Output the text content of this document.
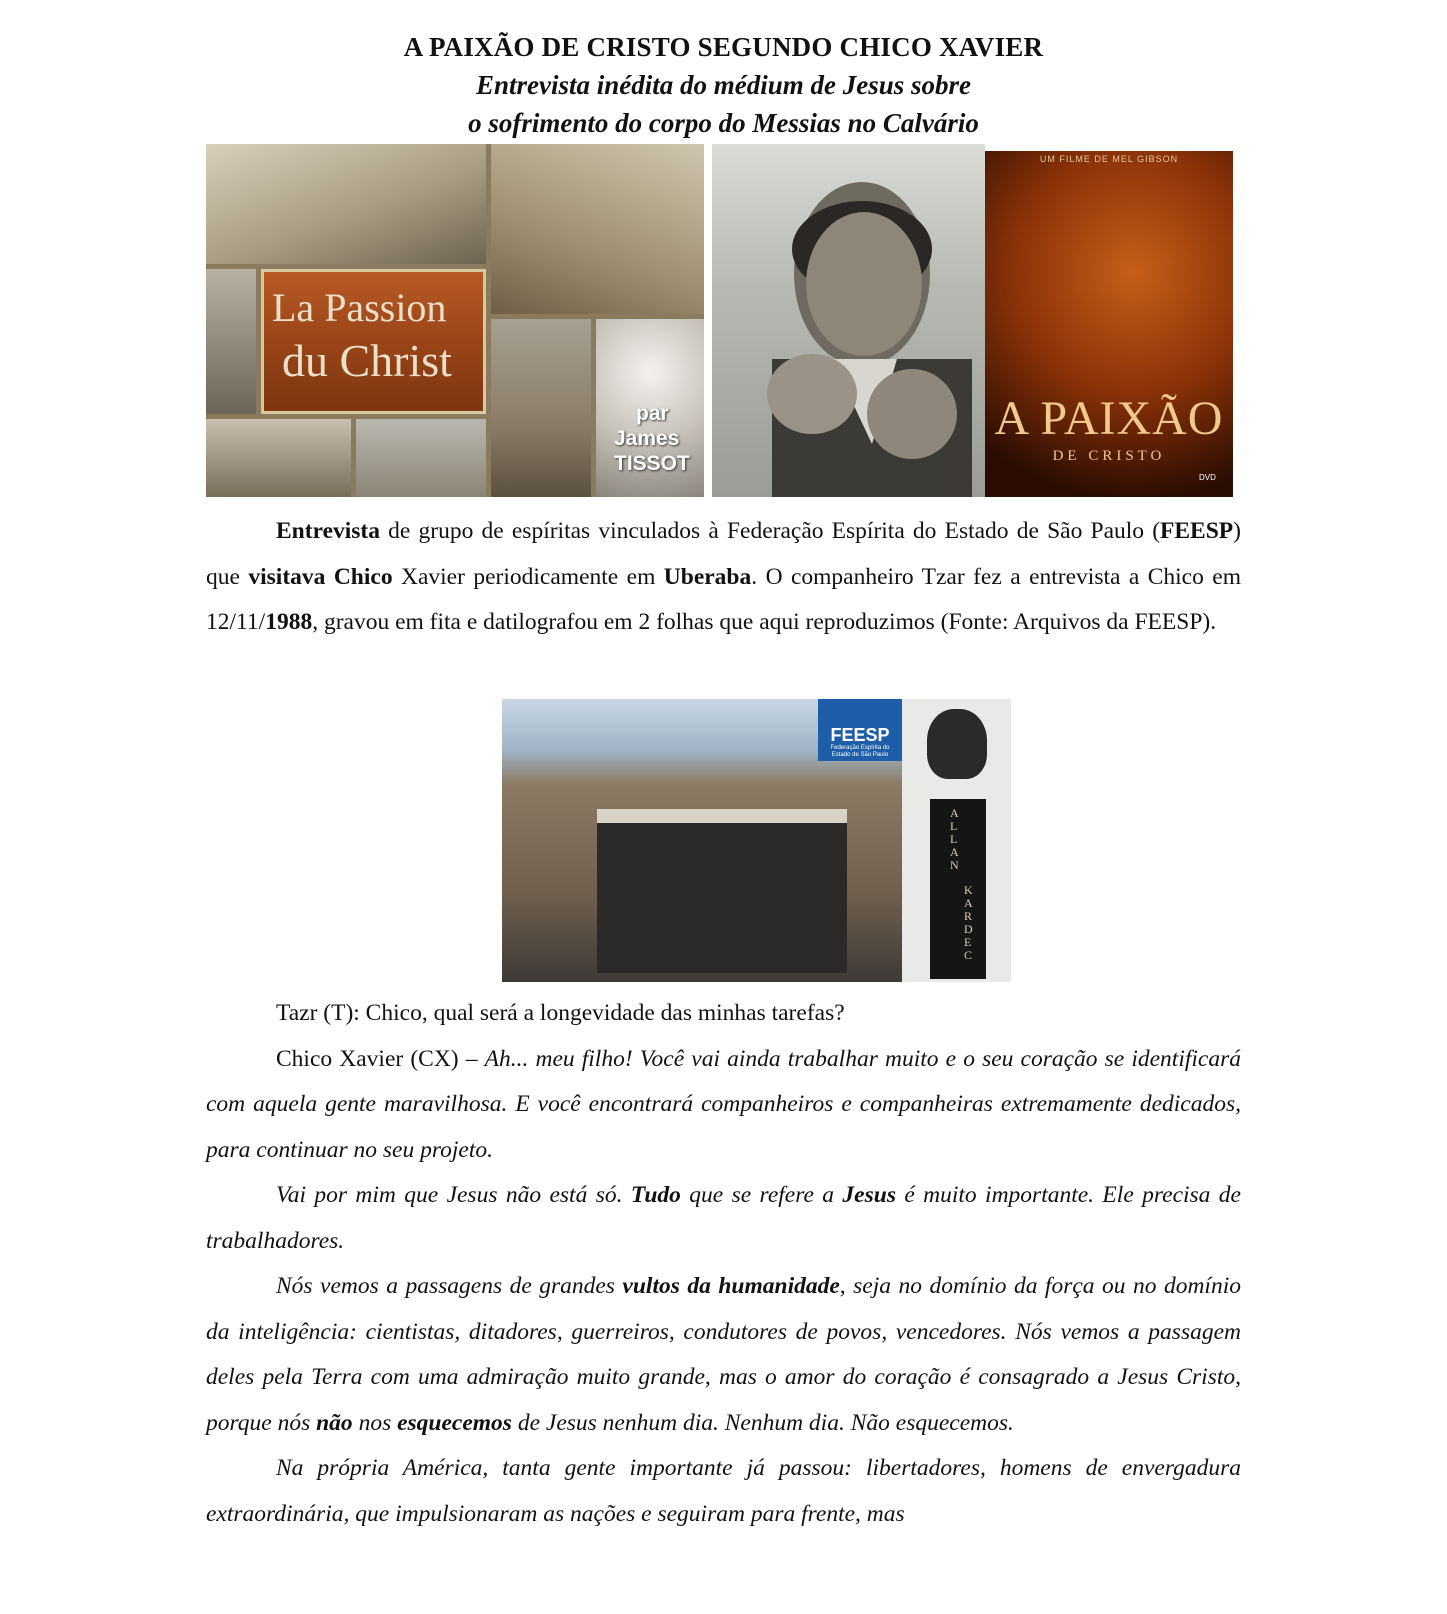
A PAIXÃO DE CRISTO SEGUNDO CHICO XAVIER
Entrevista inédita do médium de Jesus sobre
o sofrimento do corpo do Messias no Calvário
La Passion
du Christ
par
James
TISSOT
UM FILME DE MEL GIBSON
A PAIXÃO
DE CRISTO
DVD

Entrevista de grupo de espíritas vinculados à Federação Espírita do Estado de São Paulo (FEESP) que visitava Chico Xavier periodicamente em Uberaba. O companheiro Tzar fez a entrevista a Chico em 12/11/1988, gravou em fita e datilografou em 2 folhas que aqui reproduzimos (Fonte: Arquivos da FEESP).

FEESP
Federação Espírita do
Estado de São Paulo
ALLAN
KARDEC

Tazr (T): Chico, qual será a longevidade das minhas tarefas?

Chico Xavier (CX) – Ah... meu filho! Você vai ainda trabalhar muito e o seu coração se identificará com aquela gente maravilhosa. E você encontrará companheiros e companheiras extremamente dedicados, para continuar no seu projeto.

Vai por mim que Jesus não está só. Tudo que se refere a Jesus é muito importante. Ele precisa de trabalhadores.

Nós vemos a passagens de grandes vultos da humanidade, seja no domínio da força ou no domínio da inteligência: cientistas, ditadores, guerreiros, condutores de povos, vencedores. Nós vemos a passagem deles pela Terra com uma admiração muito grande, mas o amor do coração é consagrado a Jesus Cristo, porque nós não nos esquecemos de Jesus nenhum dia. Nenhum dia. Não esquecemos.

Na própria América, tanta gente importante já passou: libertadores, homens de envergadura extraordinária, que impulsionaram as nações e seguiram para frente, mas
